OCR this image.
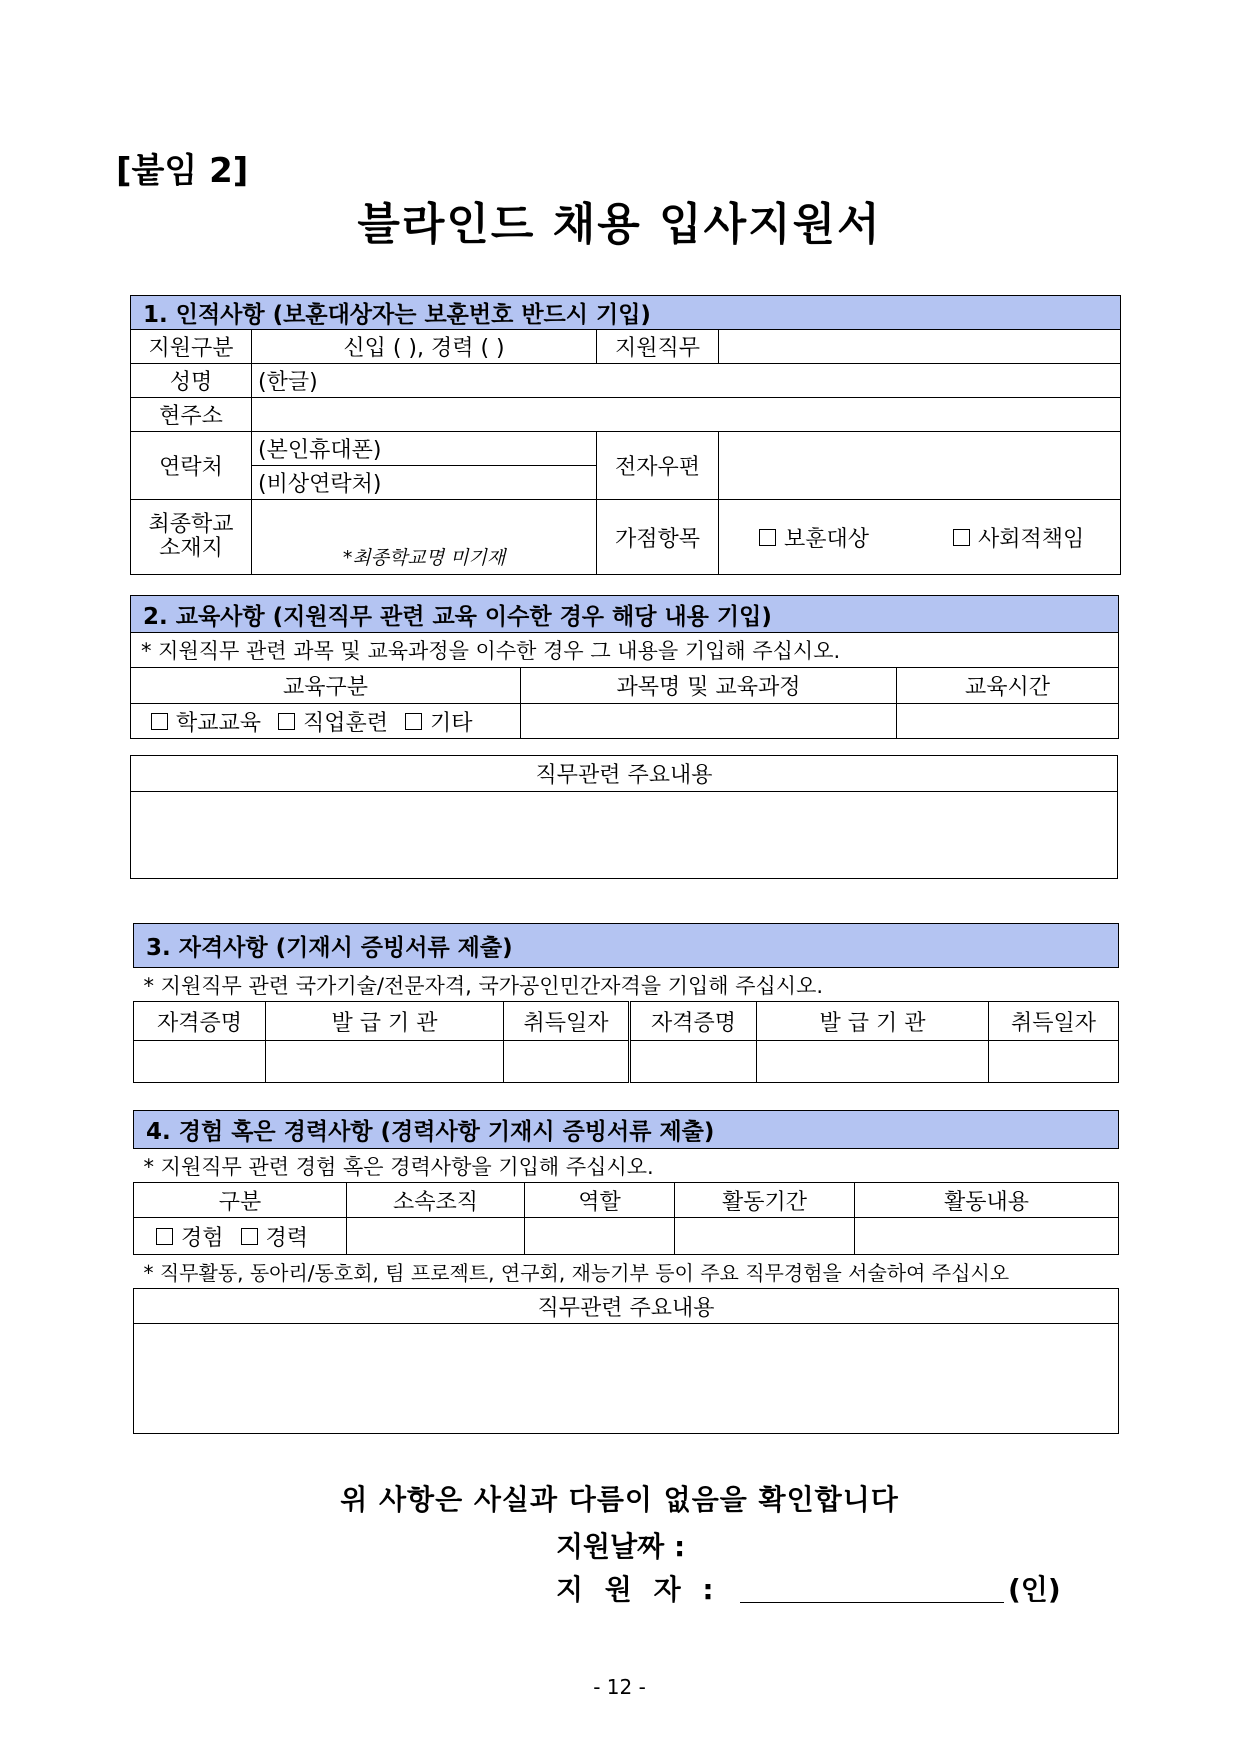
[붙임 2]
블라인드 채용 입사지원서
1. 인적사항 (보훈대상자는 보훈번호 반드시 기입)			
지원구분	신입 ( ), 경력 ( )	지원직무	
성명	(한글)		
현주소			
연락처	(본인휴대폰)	전자우편	
	(비상연락처)		
최종학교
소재지	*최종학교명 미기재	가점항목	보훈대상 사회적책임
2. 교육사항 (지원직무 관련 교육 이수한 경우 해당 내용 기입)		
* 지원직무 관련 과목 및 교육과정을 이수한 경우 그 내용을 기입해 주십시오.		
교육구분	과목명 및 교육과정	교육시간
학교교육 직업훈련 기타		
직무관련 주요내용

3. 자격사항 (기재시 증빙서류 제출)					
* 지원직무 관련 국가기술/전문자격, 국가공인민간자격을 기입해 주십시오.					
자격증명	발 급 기 관	취득일자	자격증명	발 급 기 관	취득일자

4. 경험 혹은 경력사항 (경력사항 기재시 증빙서류 제출)				
* 지원직무 관련 경험 혹은 경력사항을 기입해 주십시오.				
구분	소속조직	역할	활동기간	활동내용
경험 경력				
* 직무활동, 동아리/동호회, 팀 프로젝트, 연구회, 재능기부 등이 주요 직무경험을 서술하여 주십시오				
직무관련 주요내용				

위 사항은 사실과 다름이 없음을 확인합니다
지원날짜 :
지 원 자 :	(인)
- 12 -
